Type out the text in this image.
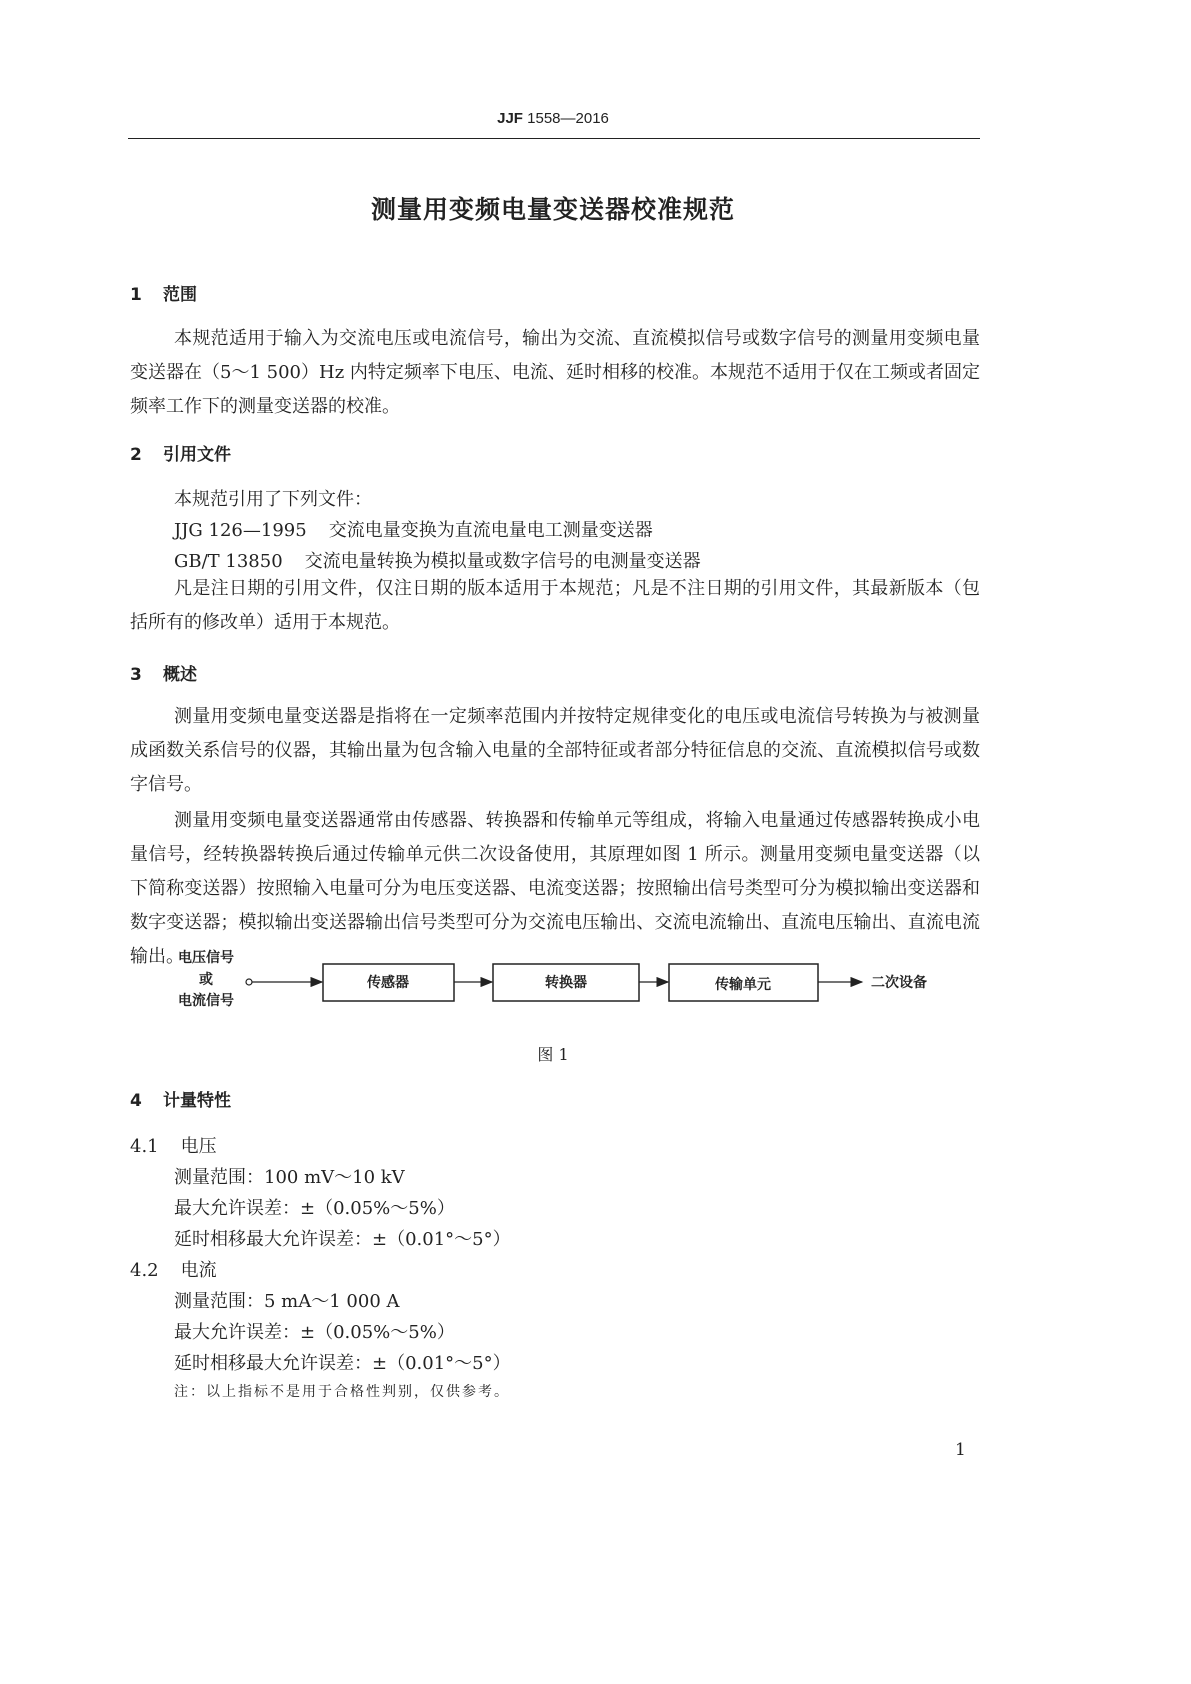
JJF 1558—2016
测量用变频电量变送器校准规范
1 范围

本规范适用于输入为交流电压或电流信号，输出为交流、直流模拟信号或数字信号的测量用变频电量变送器在（5～1 500）Hz 内特定频率下电压、电流、延时相移的校准。本规范不适用于仅在工频或者固定频率工作下的测量变送器的校准。

2 引用文件
本规范引用了下列文件：
JJG 126—1995 交流电量变换为直流电量电工测量变送器
GB/T 13850 交流电量转换为模拟量或数字信号的电测量变送器

凡是注日期的引用文件，仅注日期的版本适用于本规范；凡是不注日期的引用文件，其最新版本（包括所有的修改单）适用于本规范。

3 概述

测量用变频电量变送器是指将在一定频率范围内并按特定规律变化的电压或电流信号转换为与被测量成函数关系信号的仪器，其输出量为包含输入电量的全部特征或者部分特征信息的交流、直流模拟信号或数字信号。

测量用变频电量变送器通常由传感器、转换器和传输单元等组成，将输入电量通过传感器转换成小电量信号，经转换器转换后通过传输单元供二次设备使用，其原理如图 1 所示。测量用变频电量变送器（以下简称变送器）按照输入电量可分为电压变送器、电流变送器；按照输出信号类型可分为模拟输出变送器和数字变送器；模拟输出变送器输出信号类型可分为交流电压输出、交流电流输出、直流电压输出、直流电流输出。

电压信号
或
电流信号
传感器	转换器	传输单元	二次设备
图 1
4 计量特性
4.1 电压
测量范围：100 mV～10 kV
最大允许误差：±（0.05%～5%）
延时相移最大允许误差：±（0.01°～5°）
4.2 电流
测量范围：5 mA～1 000 A
最大允许误差：±（0.05%～5%）
延时相移最大允许误差：±（0.01°～5°）
注：以上指标不是用于合格性判别，仅供参考。
1
